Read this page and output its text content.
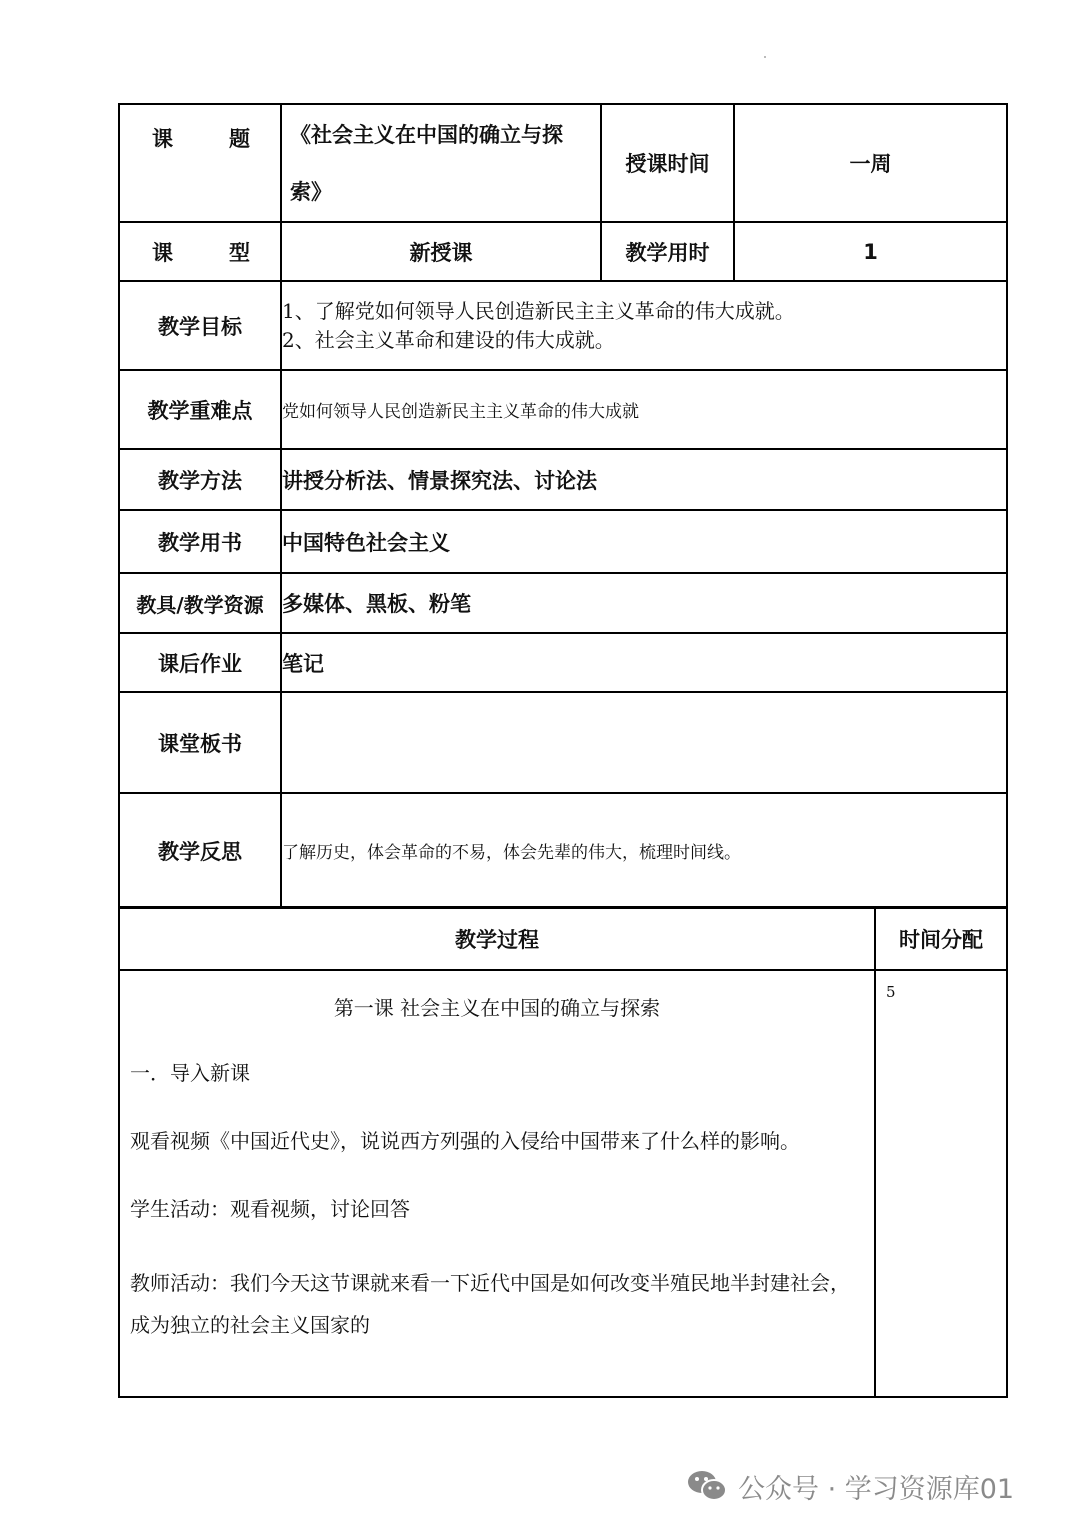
课 题	《社会主义在中国的确立与探索》	授课时间	一周

课 型	新授课	教学用时	1
教学目标	1、了解党如何领导人民创造新民主主义革命的伟大成就。
2、社会主义革命和建设的伟大成就。		

教学重难点	党如何领导人民创造新民主主义革命的伟大成就		
教学方法	讲授分析法、情景探究法、讨论法		
教学用书	中国特色社会主义		
教具/教学资源	多媒体、黑板、粉笔		
课后作业	笔记		
课堂板书			
教学反思	了解历史，体会革命的不易，体会先辈的伟大，梳理时间线。		
教学过程	时间分配

第一课 社会主义在中国的确立与探索

一．导入新课

观看视频《中国近代史》，说说西方列强的入侵给中国带来了什么样的影响。

学生活动：观看视频，讨论回答

教师活动：我们今天这节课就来看一下近代中国是如何改变半殖民地半封建社会，成为独立的社会主义国家的	5
公众号 · 学习资源库01
